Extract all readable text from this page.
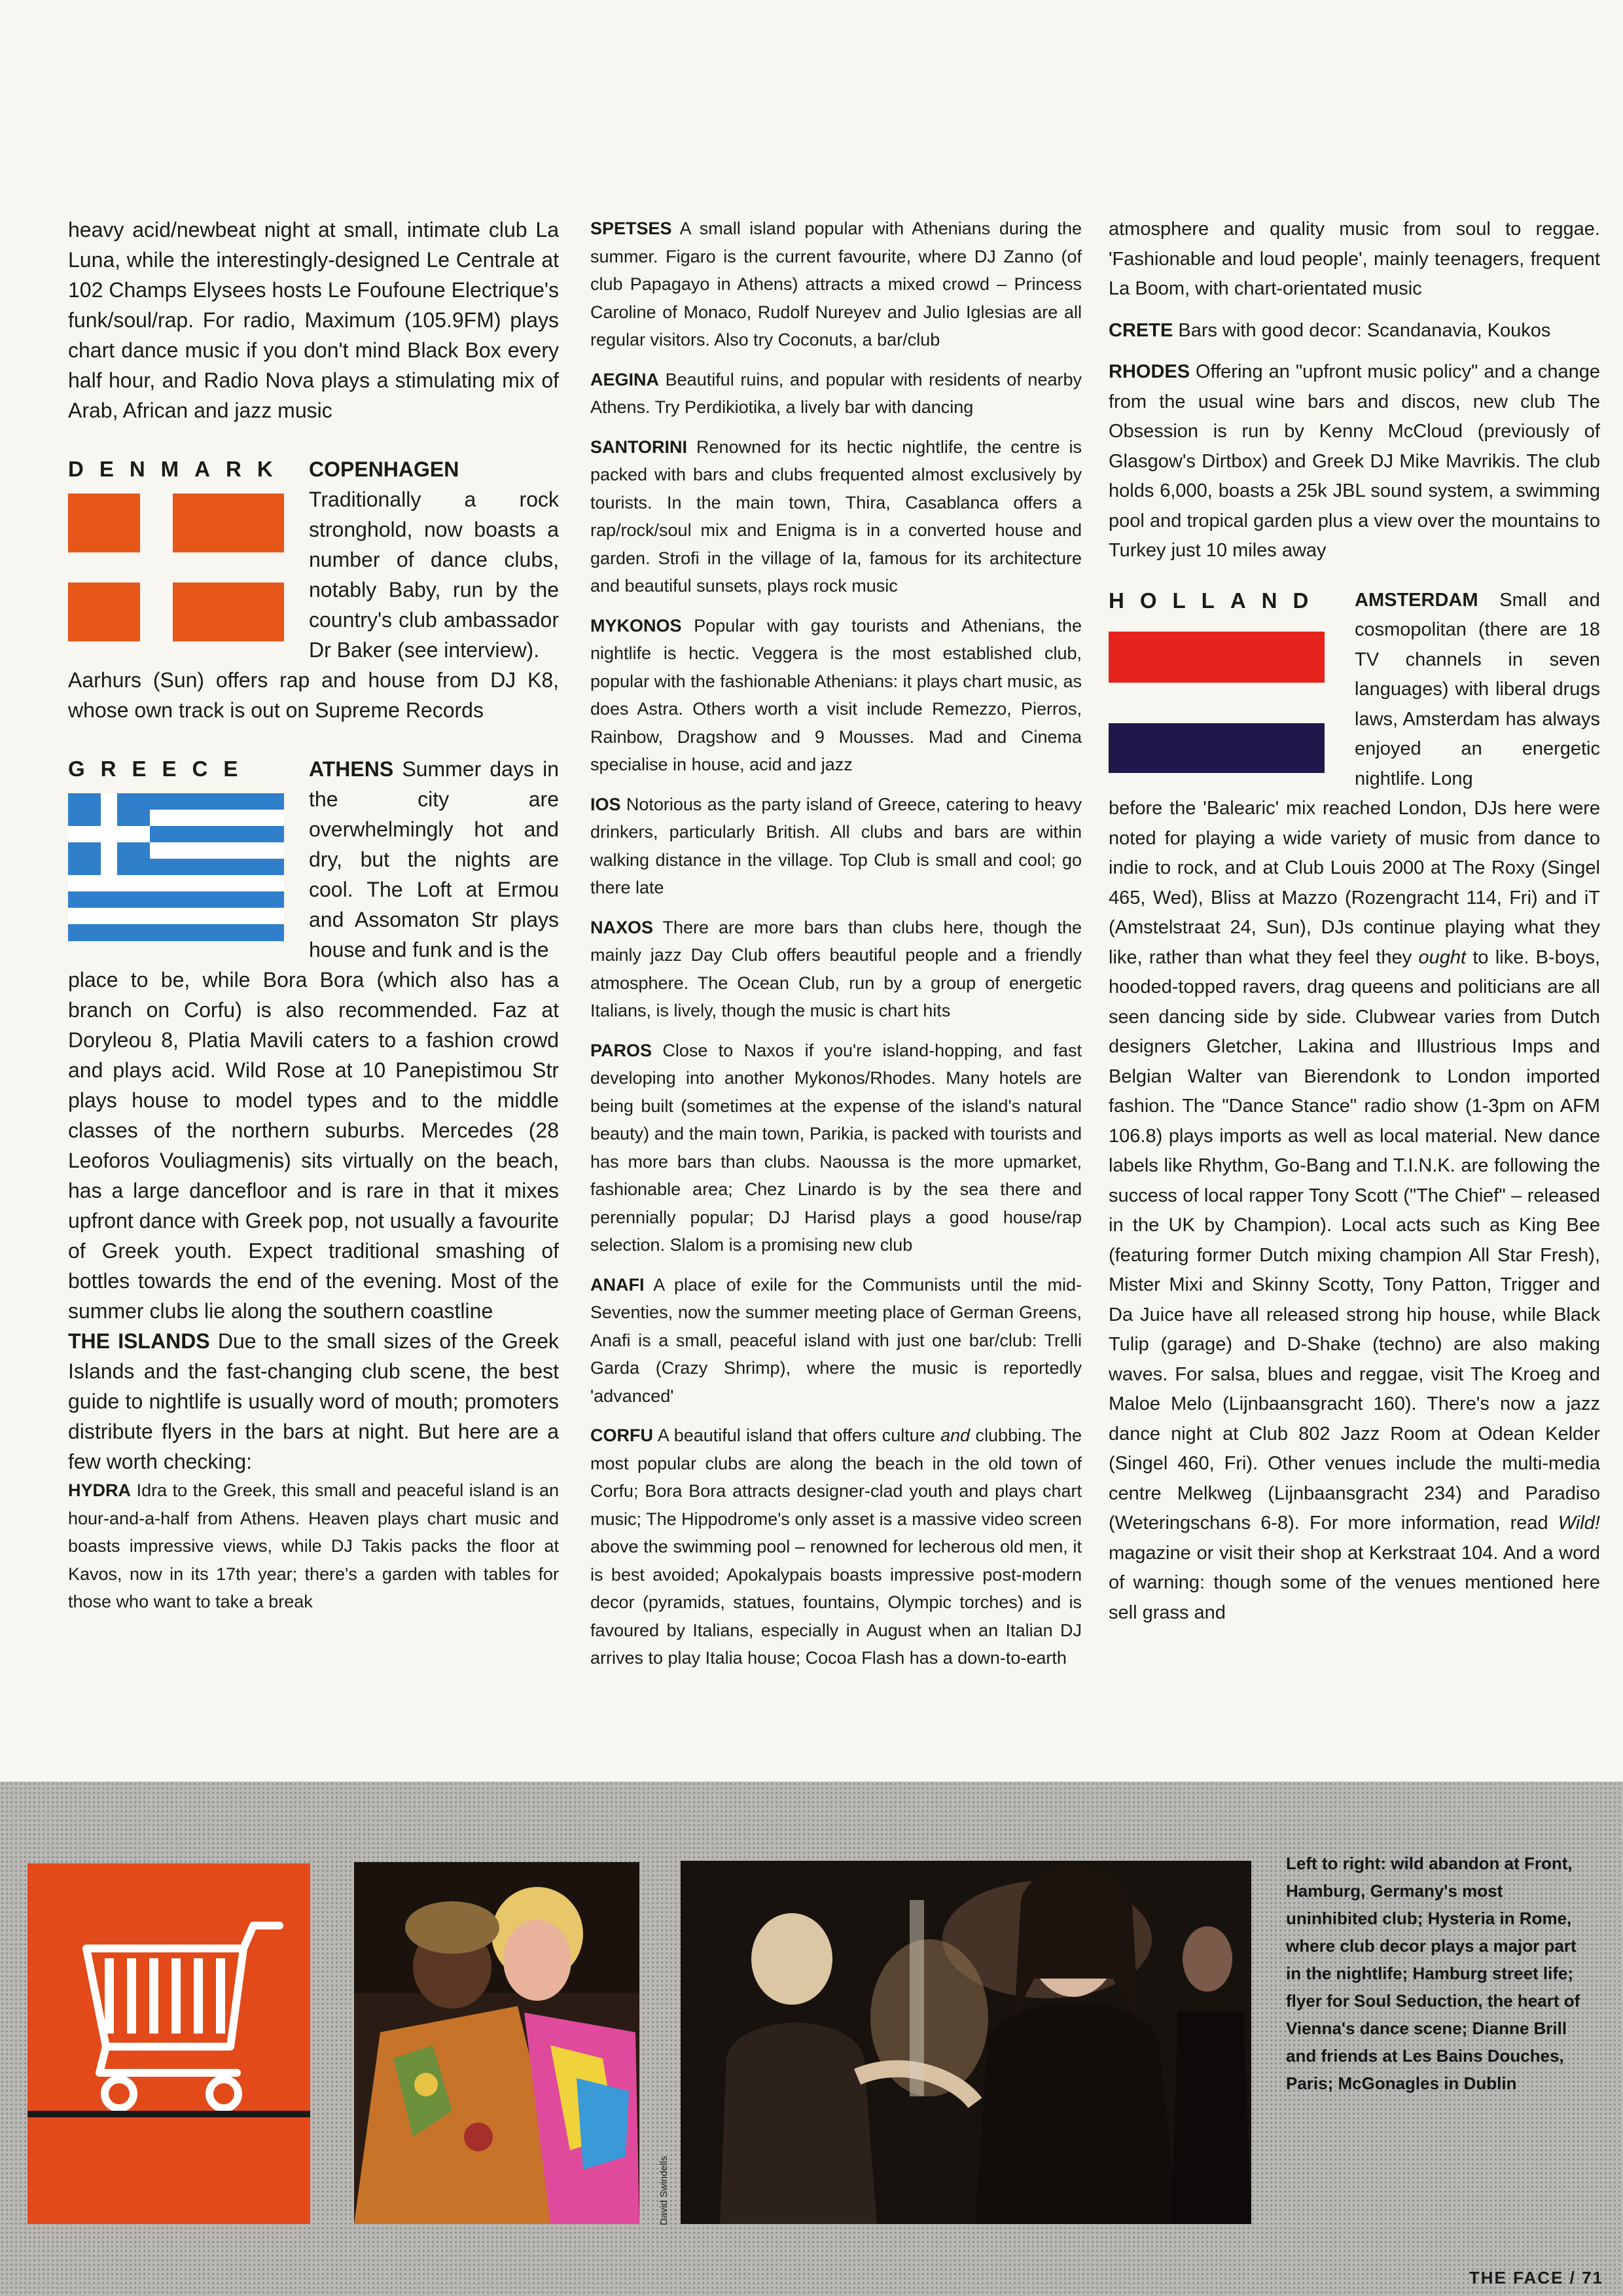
heavy acid/newbeat night at small, intimate club La Luna, while the interestingly-designed Le Centrale at 102 Champs Elysees hosts Le Foufoune Electrique's funk/soul/rap. For radio, Maximum (105.9FM) plays chart dance music if you don't mind Black Box every half hour, and Radio Nova plays a stimulating mix of Arab, African and jazz music

DENMARK COPENHAGEN Traditionally a rock stronghold, now boasts a number of dance clubs, notably Baby, run by the country's club ambassador Dr Baker (see interview).

Aarhurs (Sun) offers rap and house from DJ K8, whose own track is out on Supreme Records

GREECE	ATHENS Summer days in the city are overwhelmingly hot and dry, but the nights are cool. The Loft at Ermou and Assomaton Str plays house and funk and is the

place to be, while Bora Bora (which also has a branch on Corfu) is also recommended. Faz at Doryleou 8, Platia Mavili caters to a fashion crowd and plays acid. Wild Rose at 10 Panepistimou Str plays house to model types and to the middle classes of the northern suburbs. Mercedes (28 Leoforos Vouliagmenis) sits virtually on the beach, has a large dancefloor and is rare in that it mixes upfront dance with Greek pop, not usually a favourite of Greek youth. Expect traditional smashing of bottles towards the end of the evening. Most of the summer clubs lie along the southern coastline

THE ISLANDS Due to the small sizes of the Greek Islands and the fast-changing club scene, the best guide to nightlife is usually word of mouth; promoters distribute flyers in the bars at night. But here are a few worth checking:

HYDRA Idra to the Greek, this small and peaceful island is an hour-and-a-half from Athens. Heaven plays chart music and boasts impressive views, while DJ Takis packs the floor at Kavos, now in its 17th year; there's a garden with tables for those who want to take a break

SPETSES A small island popular with Athenians during the summer. Figaro is the current favourite, where DJ Zanno (of club Papagayo in Athens) attracts a mixed crowd – Princess Caroline of Monaco, Rudolf Nureyev and Julio Iglesias are all regular visitors. Also try Coconuts, a bar/club

AEGINA Beautiful ruins, and popular with residents of nearby Athens. Try Perdikiotika, a lively bar with dancing

SANTORINI Renowned for its hectic nightlife, the centre is packed with bars and clubs frequented almost exclusively by tourists. In the main town, Thira, Casablanca offers a rap/rock/soul mix and Enigma is in a converted house and garden. Strofi in the village of Ia, famous for its architecture and beautiful sunsets, plays rock music

MYKONOS Popular with gay tourists and Athenians, the nightlife is hectic. Veggera is the most established club, popular with the fashionable Athenians: it plays chart music, as does Astra. Others worth a visit include Remezzo, Pierros, Rainbow, Dragshow and 9 Mousses. Mad and Cinema specialise in house, acid and jazz

IOS Notorious as the party island of Greece, catering to heavy drinkers, particularly British. All clubs and bars are within walking distance in the village. Top Club is small and cool; go there late

NAXOS There are more bars than clubs here, though the mainly jazz Day Club offers beautiful people and a friendly atmosphere. The Ocean Club, run by a group of energetic Italians, is lively, though the music is chart hits

PAROS Close to Naxos if you're island-hopping, and fast developing into another Mykonos/Rhodes. Many hotels are being built (sometimes at the expense of the island's natural beauty) and the main town, Parikia, is packed with tourists and has more bars than clubs. Naoussa is the more upmarket, fashionable area; Chez Linardo is by the sea there and perennially popular; DJ Harisd plays a good house/rap selection. Slalom is a promising new club

ANAFI A place of exile for the Communists until the mid-Seventies, now the summer meeting place of German Greens, Anafi is a small, peaceful island with just one bar/club: Trelli Garda (Crazy Shrimp), where the music is reportedly 'advanced'

CORFU A beautiful island that offers culture and clubbing. The most popular clubs are along the beach in the old town of Corfu; Bora Bora attracts designer-clad youth and plays chart music; The Hippodrome's only asset is a massive video screen above the swimming pool – renowned for lecherous old men, it is best avoided; Apokalypais boasts impressive post-modern decor (pyramids, statues, fountains, Olympic torches) and is favoured by Italians, especially in August when an Italian DJ arrives to play Italia house; Cocoa Flash has a down-to-earth

atmosphere and quality music from soul to reggae. 'Fashionable and loud people', mainly teenagers, frequent La Boom, with chart-orientated music

CRETE Bars with good decor: Scandanavia, Koukos

RHODES Offering an "upfront music policy" and a change from the usual wine bars and discos, new club The Obsession is run by Kenny McCloud (previously of Glasgow's Dirtbox) and Greek DJ Mike Mavrikis. The club holds 6,000, boasts a 25k JBL sound system, a swimming pool and tropical garden plus a view over the mountains to Turkey just 10 miles away

HOLLAND	AMSTERDAM Small and cosmopolitan (there are 18 TV channels in seven languages) with liberal drugs laws, Amsterdam has always enjoyed an energetic nightlife. Long

before the 'Balearic' mix reached London, DJs here were noted for playing a wide variety of music from dance to indie to rock, and at Club Louis 2000 at The Roxy (Singel 465, Wed), Bliss at Mazzo (Rozengracht 114, Fri) and iT (Amstelstraat 24, Sun), DJs continue playing what they like, rather than what they feel they ought to like. B-boys, hooded-topped ravers, drag queens and politicians are all seen dancing side by side. Clubwear varies from Dutch designers Gletcher, Lakina and Illustrious Imps and Belgian Walter van Bierendonk to London imported fashion. The "Dance Stance" radio show (1-3pm on AFM 106.8) plays imports as well as local material. New dance labels like Rhythm, Go-Bang and T.I.N.K. are following the success of local rapper Tony Scott ("The Chief" – released in the UK by Champion). Local acts such as King Bee (featuring former Dutch mixing champion All Star Fresh), Mister Mixi and Skinny Scotty, Tony Patton, Trigger and Da Juice have all released strong hip house, while Black Tulip (garage) and D-Shake (techno) are also making waves. For salsa, blues and reggae, visit The Kroeg and Maloe Melo (Lijnbaansgracht 160). There's now a jazz dance night at Club 802 Jazz Room at Odean Kelder (Singel 460, Fri). Other venues include the multi-media centre Melkweg (Lijnbaansgracht 234) and Paradiso (Weteringschans 6-8). For more information, read Wild! magazine or visit their shop at Kerkstraat 104. And a word of warning: though some of the venues mentioned here sell grass and

David Swindells
Left to right: wild abandon at Front, Hamburg, Germany's most uninhibited club; Hysteria in Rome, where club decor plays a major part in the nightlife; Hamburg street life; flyer for Soul Seduction, the heart of Vienna's dance scene; Dianne Brill and friends at Les Bains Douches, Paris; McGonagles in Dublin
THE FACE / 71
